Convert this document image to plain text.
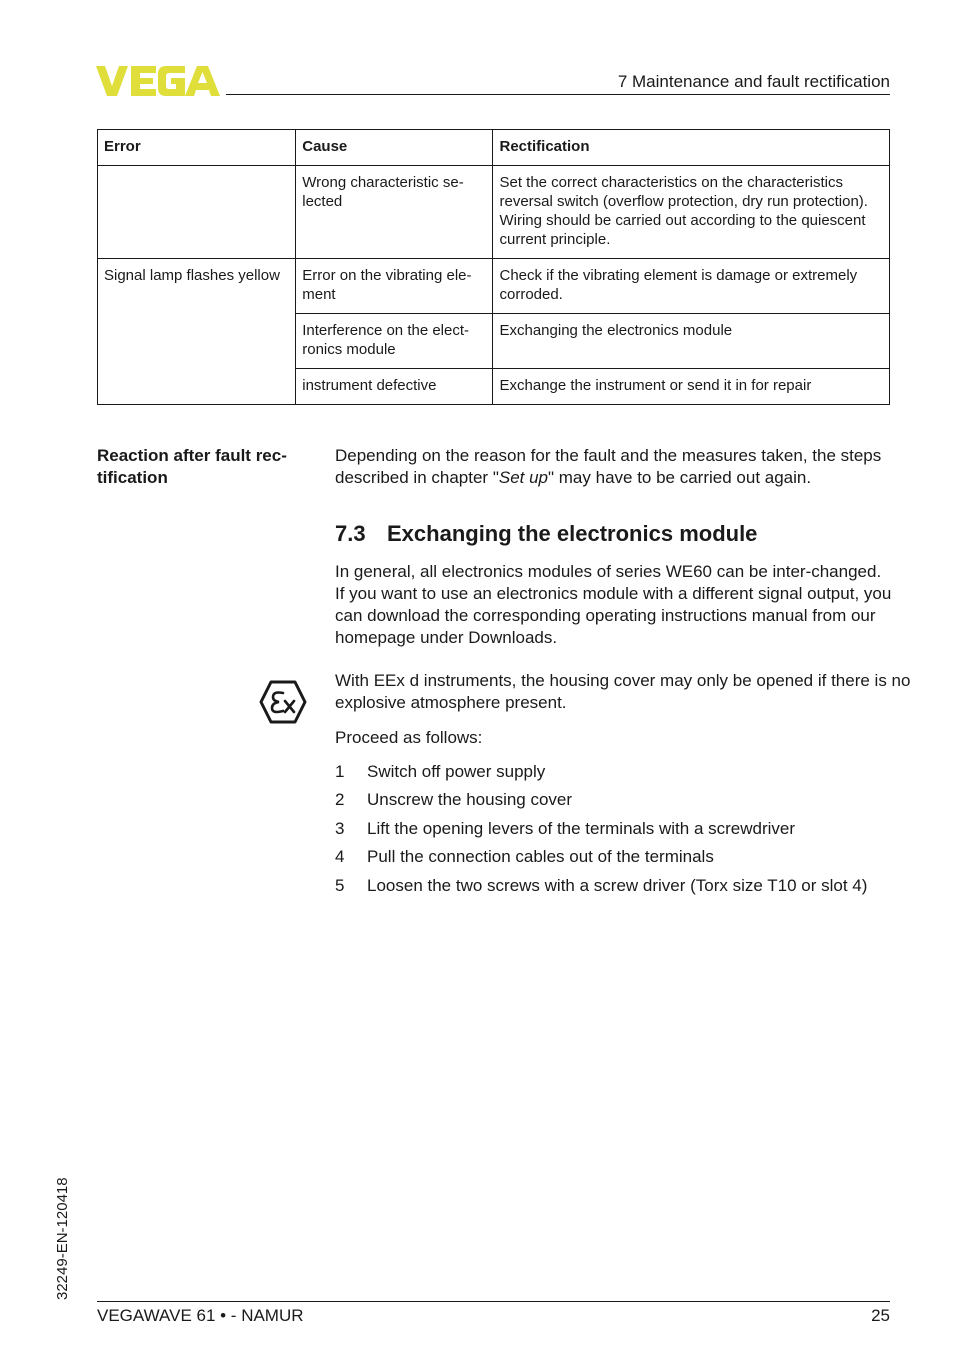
7 Maintenance and fault rectification
Error	Cause	Rectification
	Wrong characteristic se-lected	Set the correct characteristics on the characteristics reversal switch (overflow protection, dry run protection). Wiring should be carried out according to the quiescent current principle.
Signal lamp flashes yellow	Error on the vibrating ele-ment	Check if the vibrating element is damage or extremely corroded.
	Interference on the elect-ronics module	Exchanging the electronics module
	instrument defective	Exchange the instrument or send it in for repair
Reaction after fault rec-tification
Depending on the reason for the fault and the measures taken, the steps described in chapter "Set up" may have to be carried out again.
7.3 Exchanging the electronics module
In general, all electronics modules of series WE60 can be inter-changed. If you want to use an electronics module with a different signal output, you can download the corresponding operating instructions manual from our homepage under Downloads.
With EEx d instruments, the housing cover may only be opened if there is no explosive atmosphere present.
Proceed as follows:
1 Switch off power supply
2 Unscrew the housing cover
3 Lift the opening levers of the terminals with a screwdriver
4 Pull the connection cables out of the terminals
5 Loosen the two screws with a screw driver (Torx size T10 or slot 4)
32249-EN-120418
VEGAWAVE 61 • - NAMUR	25
